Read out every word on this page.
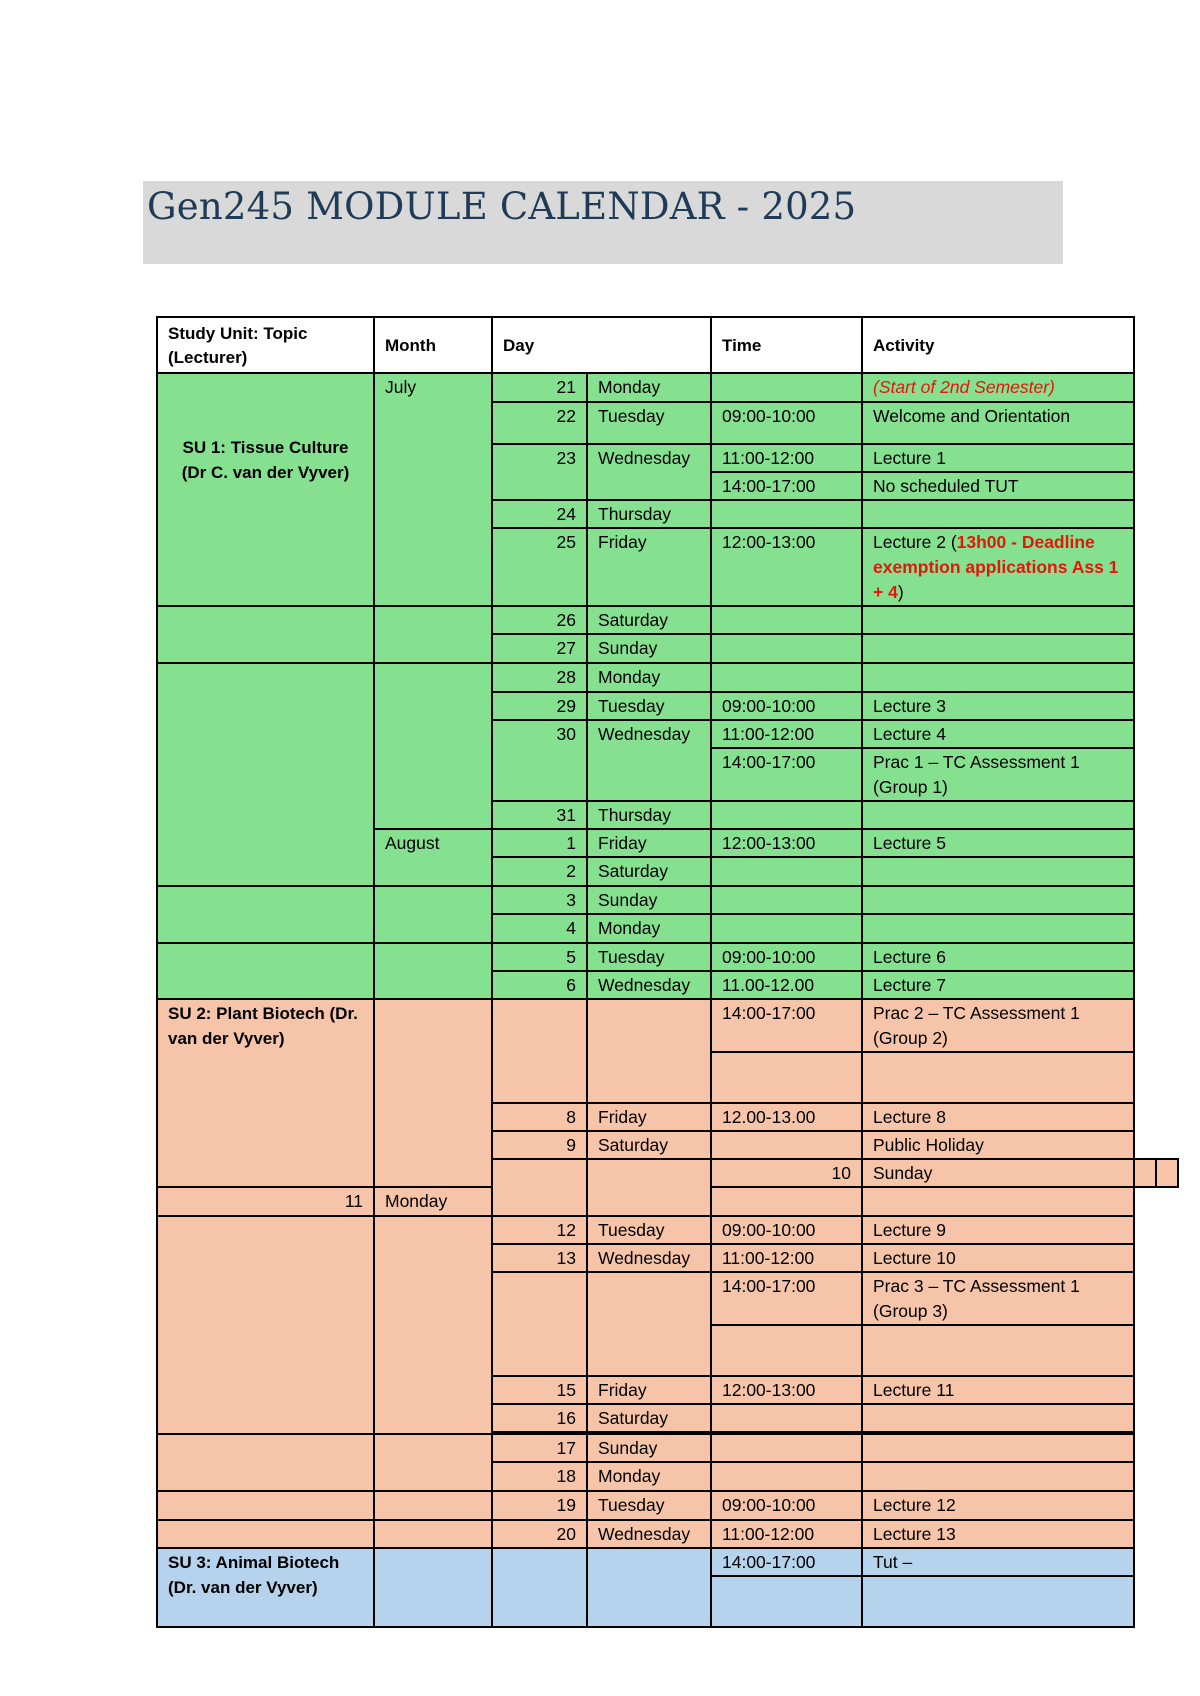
Gen245 MODULE CALENDAR - 2025
Study Unit: Topic (Lecturer)	Month	Day		Time	Activity		
SU 1: Tissue Culture (Dr C. van der Vyver)	July	21	Monday		(Start of 2nd Semester)		
		22	Tuesday	09:00-10:00	Welcome and Orientation		
		23	Wednesday	11:00-12:00	Lecture 1		
				14:00-17:00	No scheduled TUT		
		24	Thursday				
		25	Friday	12:00-13:00	Lecture 2 (13h00 - Deadline exemption applications Ass 1 + 4)		
		26	Saturday				
		27	Sunday				
		28	Monday				
		29	Tuesday	09:00-10:00	Lecture 3		
		30	Wednesday	11:00-12:00	Lecture 4		
				14:00-17:00	Prac 1 – TC Assessment 1 (Group 1)		
		31	Thursday				
	August	1	Friday	12:00-13:00	Lecture 5		
		2	Saturday				
		3	Sunday				
		4	Monday				
		5	Tuesday	09:00-10:00	Lecture 6		
		6	Wednesday	11.00-12.00	Lecture 7		
SU 2: Plant Biotech (Dr. van der Vyver)				14:00-17:00	Prac 2 – TC Assessment 1 (Group 2)		

		8	Friday	12.00-13.00	Lecture 8		
		9	Saturday		Public Holiday		
				10	Sunday		
11	Monday						
		12	Tuesday	09:00-10:00	Lecture 9		
		13	Wednesday	11:00-12:00	Lecture 10		
				14:00-17:00	Prac 3 – TC Assessment 1 (Group 3)		

		15	Friday	12:00-13:00	Lecture 11		
		16	Saturday				

		17	Sunday				
		18	Monday				
		19	Tuesday	09:00-10:00	Lecture 12		
		20	Wednesday	11:00-12:00	Lecture 13		
SU 3: Animal Biotech (Dr. van der Vyver)				14:00-17:00	Tut –		
